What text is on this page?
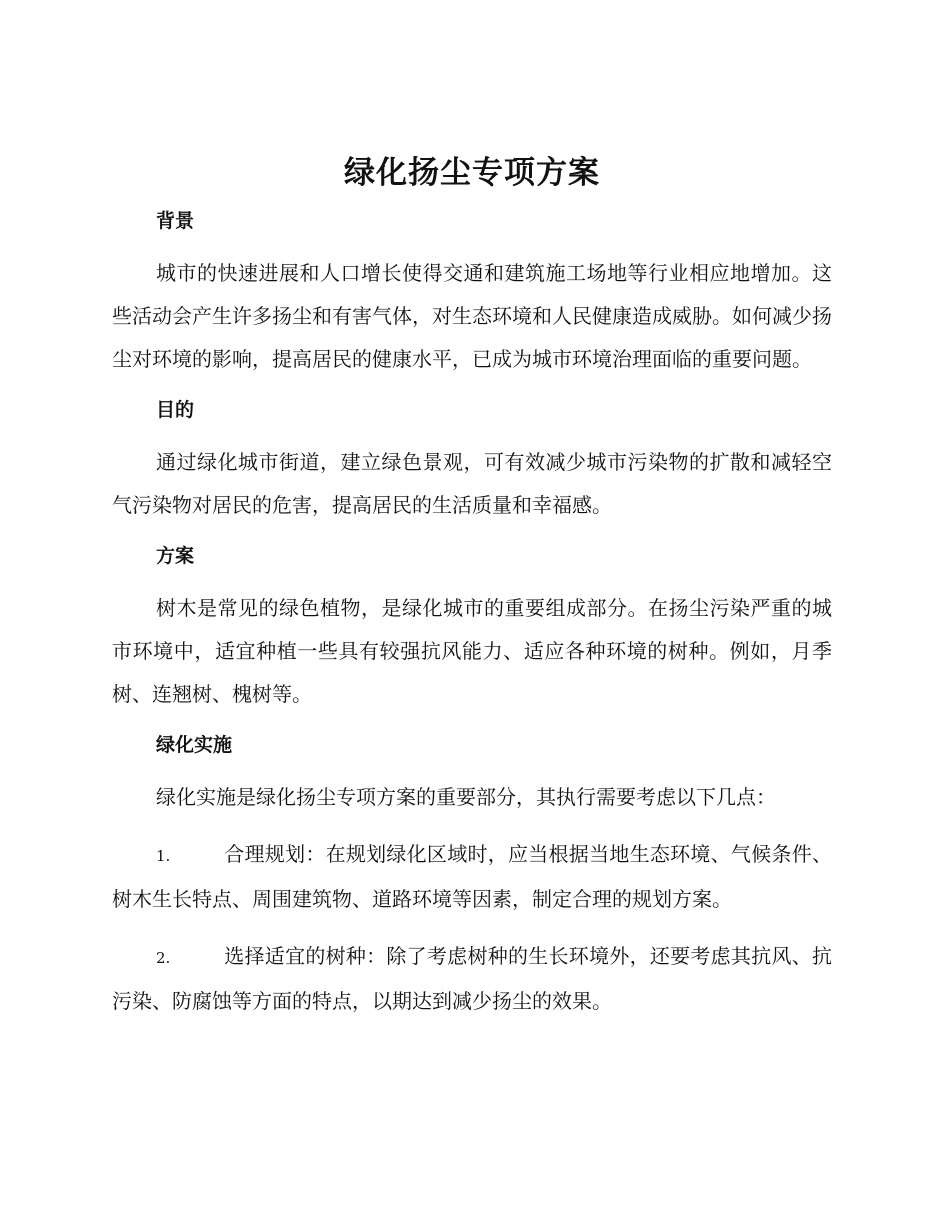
绿化扬尘专项方案
背景

城市的快速进展和人口增长使得交通和建筑施工场地等行业相应地增加。这些活动会产生许多扬尘和有害气体，对生态环境和人民健康造成威胁。如何减少扬尘对环境的影响，提高居民的健康水平，已成为城市环境治理面临的重要问题。

目的

通过绿化城市街道，建立绿色景观，可有效减少城市污染物的扩散和减轻空气污染物对居民的危害，提高居民的生活质量和幸福感。

方案

树木是常见的绿色植物，是绿化城市的重要组成部分。在扬尘污染严重的城市环境中，适宜种植一些具有较强抗风能力、适应各种环境的树种。例如，月季树、连翘树、槐树等。

绿化实施

绿化实施是绿化扬尘专项方案的重要部分，其执行需要考虑以下几点：

1.	合理规划：在规划绿化区域时，应当根据当地生态环境、气候条件、树木生长特点、周围建筑物、道路环境等因素，制定合理的规划方案。

2.	选择适宜的树种：除了考虑树种的生长环境外，还要考虑其抗风、抗污染、防腐蚀等方面的特点，以期达到减少扬尘的效果。
